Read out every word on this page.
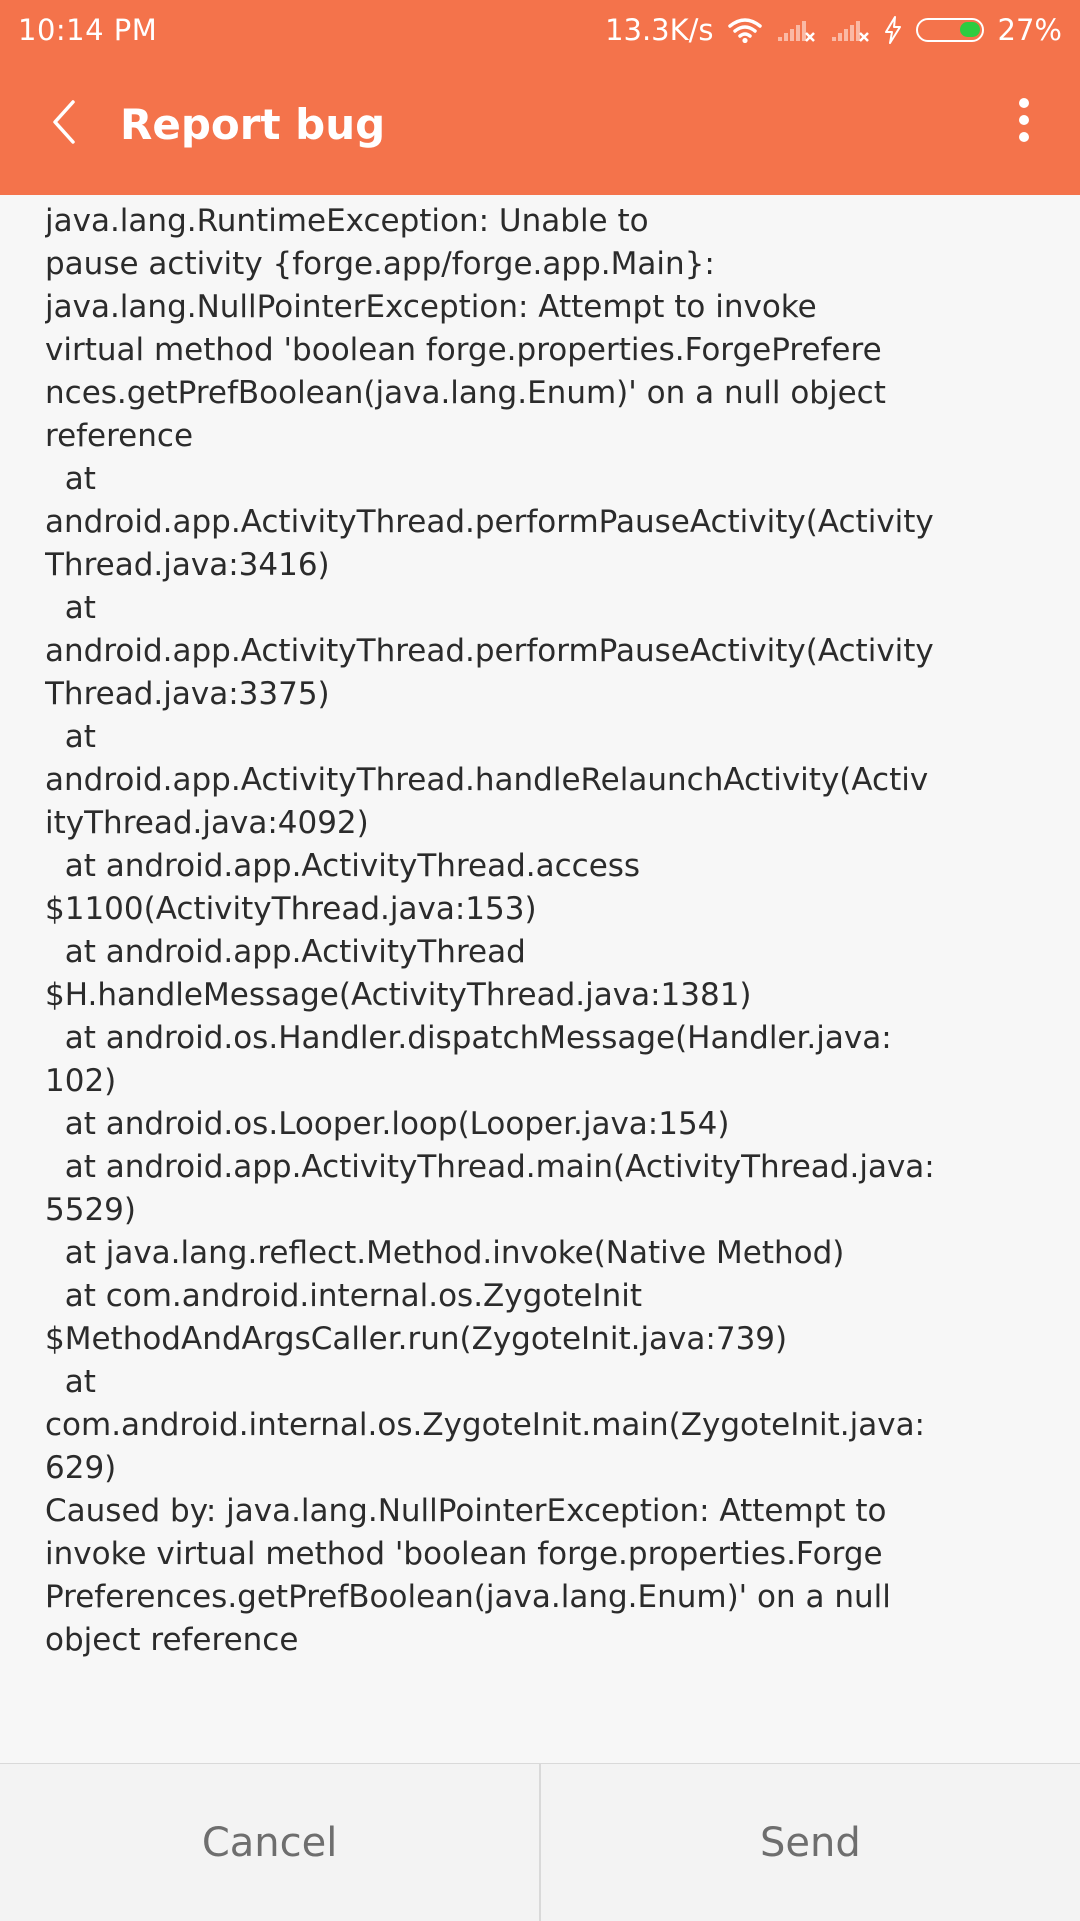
10:14 PM	13.3K/s	27%
Report bug
java.lang.RuntimeException: Unable to
pause activity {forge.app/forge.app.Main}:
java.lang.NullPointerException: Attempt to invoke
virtual method 'boolean forge.properties.ForgePrefere
nces.getPrefBoolean(java.lang.Enum)' on a null object
reference
at
android.app.ActivityThread.performPauseActivity(Activity
Thread.java:3416)
at
android.app.ActivityThread.performPauseActivity(Activity
Thread.java:3375)
at
android.app.ActivityThread.handleRelaunchActivity(Activ
ityThread.java:4092)
at android.app.ActivityThread.access
$1100(ActivityThread.java:153)
at android.app.ActivityThread
$H.handleMessage(ActivityThread.java:1381)
at android.os.Handler.dispatchMessage(Handler.java:
102)
at android.os.Looper.loop(Looper.java:154)
at android.app.ActivityThread.main(ActivityThread.java:
5529)
at java.lang.reflect.Method.invoke(Native Method)
at com.android.internal.os.ZygoteInit
$MethodAndArgsCaller.run(ZygoteInit.java:739)
at
com.android.internal.os.ZygoteInit.main(ZygoteInit.java:
629)
Caused by: java.lang.NullPointerException: Attempt to
invoke virtual method 'boolean forge.properties.Forge
Preferences.getPrefBoolean(java.lang.Enum)' on a null
object reference
Cancel	Send
